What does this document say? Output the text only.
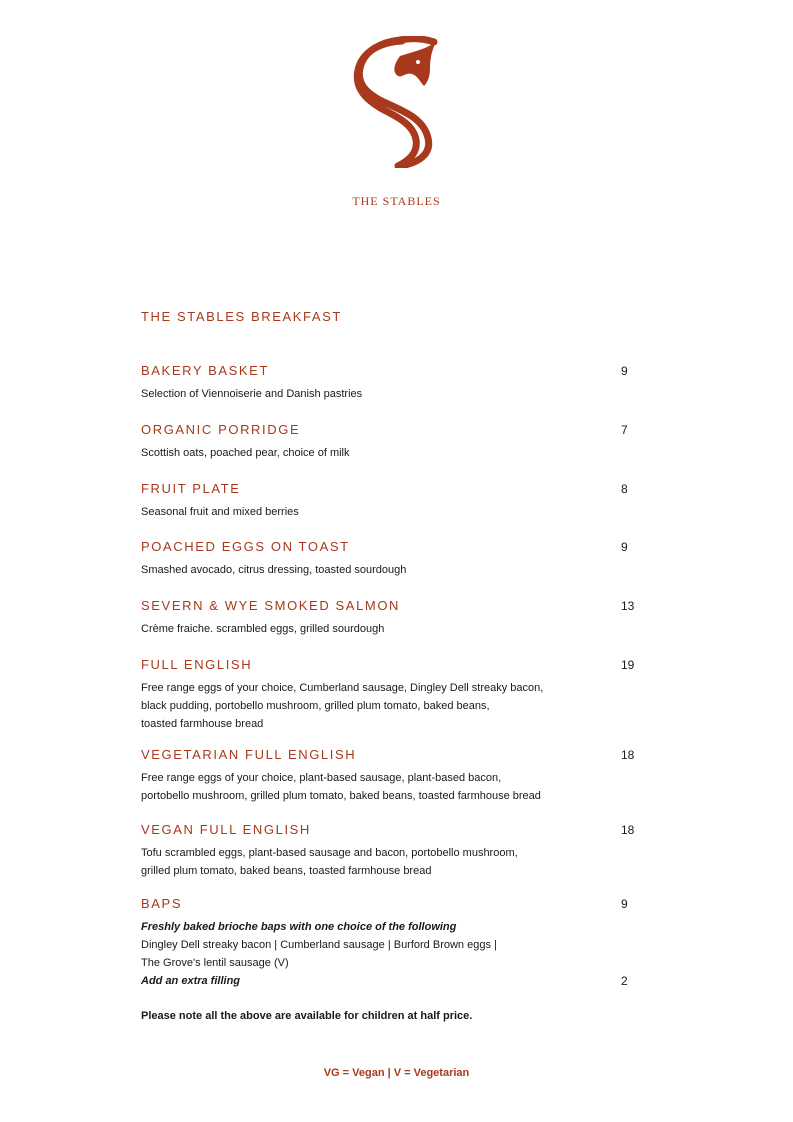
THE STABLES
THE STABLES BREAKFAST
BAKERY BASKET	9
Selection of Viennoiserie and Danish pastries
ORGANIC PORRIDGE	7
Scottish oats, poached pear, choice of milk
FRUIT PLATE	8
Seasonal fruit and mixed berries
POACHED EGGS ON TOAST	9
Smashed avocado, citrus dressing, toasted sourdough
SEVERN & WYE SMOKED SALMON	13
Crème fraiche. scrambled eggs, grilled sourdough
FULL ENGLISH	19
Free range eggs of your choice, Cumberland sausage, Dingley Dell streaky bacon,
black pudding, portobello mushroom, grilled plum tomato, baked beans,
toasted farmhouse bread
VEGETARIAN FULL ENGLISH	18
Free range eggs of your choice, plant-based sausage, plant-based bacon,
portobello mushroom, grilled plum tomato, baked beans, toasted farmhouse bread
VEGAN FULL ENGLISH	18
Tofu scrambled eggs, plant-based sausage and bacon, portobello mushroom,
grilled plum tomato, baked beans, toasted farmhouse bread
BAPS	9
Freshly baked brioche baps with one choice of the following
Dingley Dell streaky bacon | Cumberland sausage | Burford Brown eggs |
The Grove's lentil sausage (V)
Add an extra filling	2
Please note all the above are available for children at half price.
VG = Vegan | V = Vegetarian
